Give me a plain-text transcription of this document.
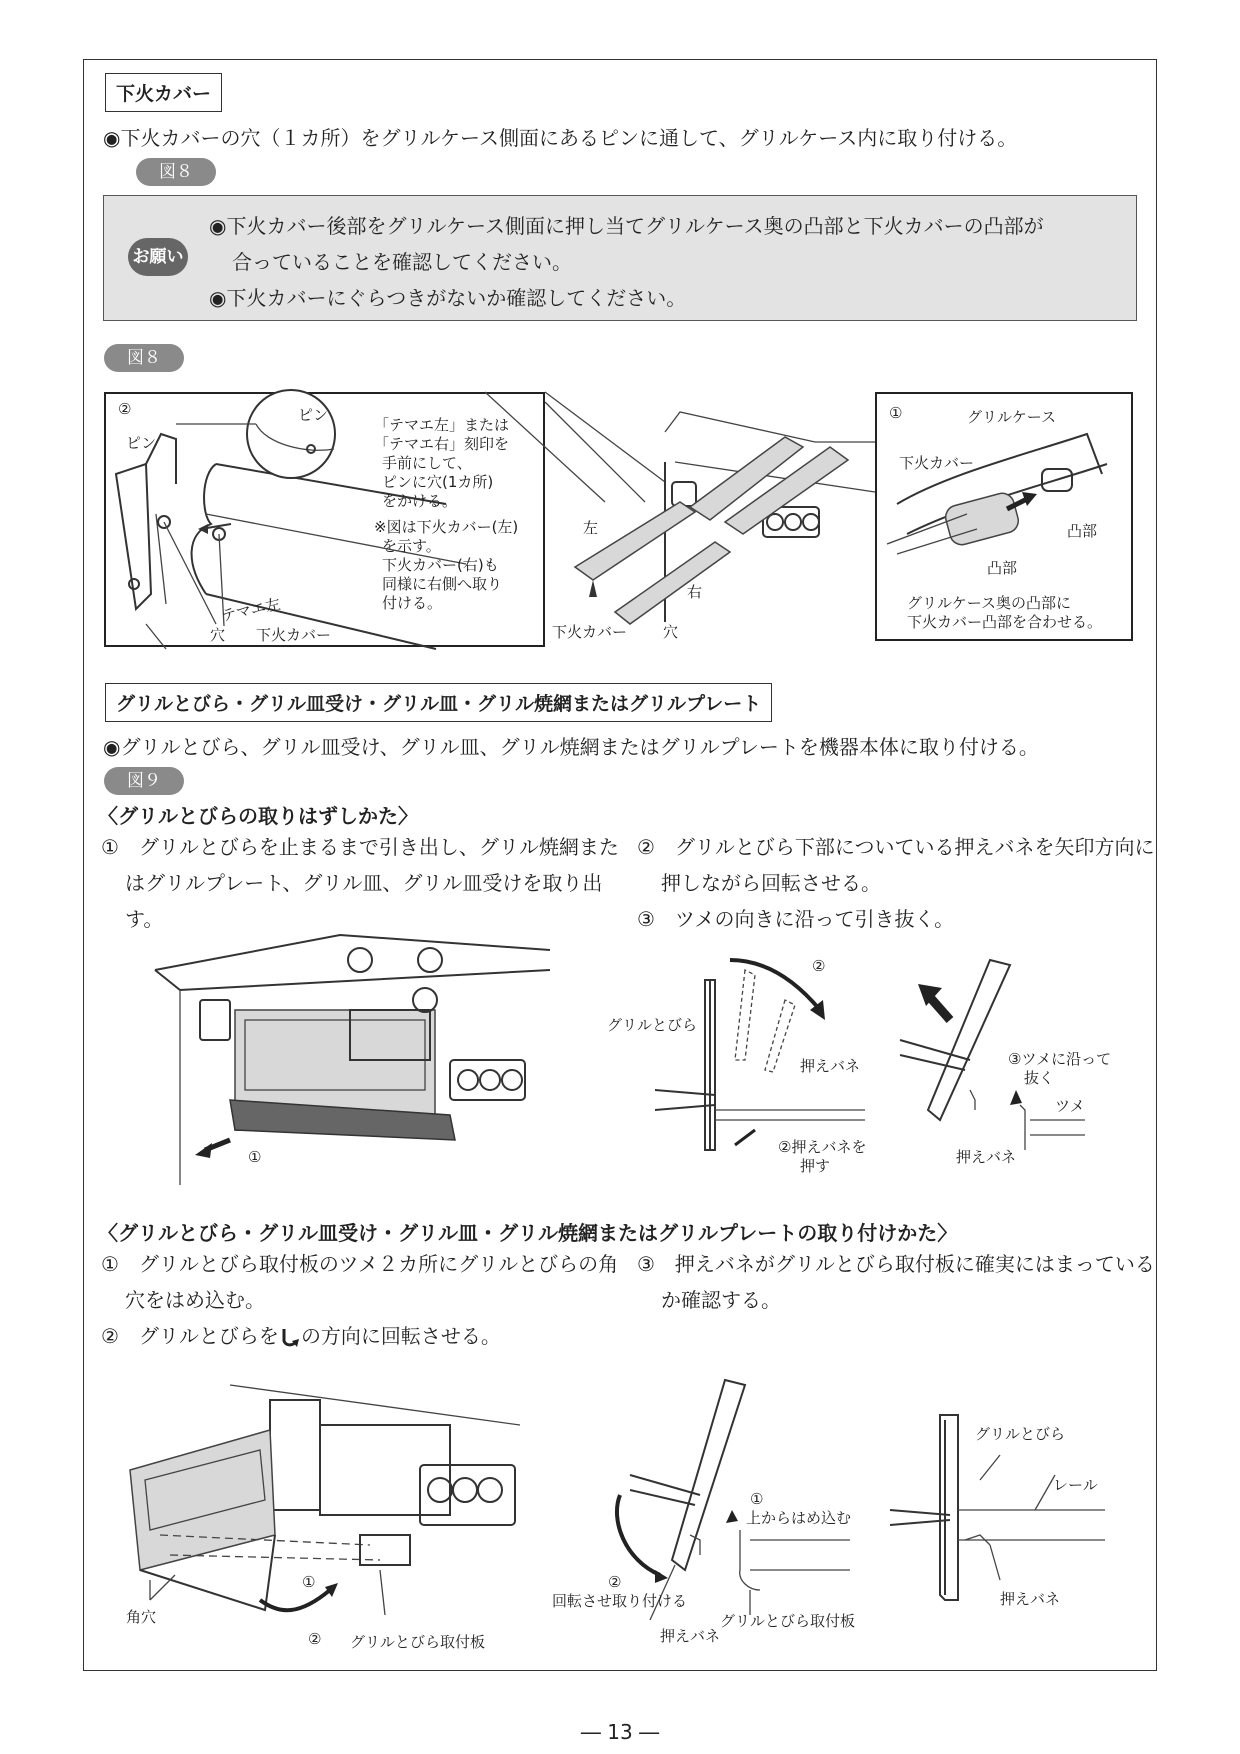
下火カバー
◉下火カバーの穴（１カ所）をグリルケース側面にあるピンに通して、グリルケース内に取り付ける。
図８
お願い
◉下火カバー後部をグリルケース側面に押し当てグリルケース奥の凸部と下火カバーの凸部が
合っていることを確認してください。
◉下火カバーにぐらつきがないか確認してください。
図８
②
ピン
ピン
テマエ左
穴 下火カバー
「テマエ左」または
「テマエ右」刻印を
手前にして、
ピンに穴(1カ所)
をかける。
※図は下火カバー(左)
を示す。
下火カバー(右)も
同様に右側へ取り
付ける。
左
右
下火カバー 穴
①	グリルケース
下火カバー
凸部
凸部
グリルケース奥の凸部に
下火カバー凸部を合わせる。
グリルとびら・グリル皿受け・グリル皿・グリル焼網またはグリルプレート
◉グリルとびら、グリル皿受け、グリル皿、グリル焼網またはグリルプレートを機器本体に取り付ける。
図９
〈グリルとびらの取りはずしかた〉
①　グリルとびらを止まるまで引き出し、グリル焼網またはグリルプレート、グリル皿、グリル皿受けを取り出す。
②　グリルとびら下部についている押えバネを矢印方向に押しながら回転させる。
③　ツメの向きに沿って引き抜く。
①
②
グリルとびら
押えバネ
②押えバネを
押す
③ツメに沿って
抜く
ツメ
押えバネ
〈グリルとびら・グリル皿受け・グリル皿・グリル焼網またはグリルプレートの取り付けかた〉
①　グリルとびら取付板のツメ２カ所にグリルとびらの角穴をはめ込む。
③　押えバネがグリルとびら取付板に確実にはまっているか確認する。
②　グリルとびらを の方向に回転させる。
角穴
①
② グリルとびら取付板
①
上からはめ込む
②
回転させ取り付ける
押えバネ
グリルとびら取付板
グリルとびら
レール
押えバネ
― 13 ―
